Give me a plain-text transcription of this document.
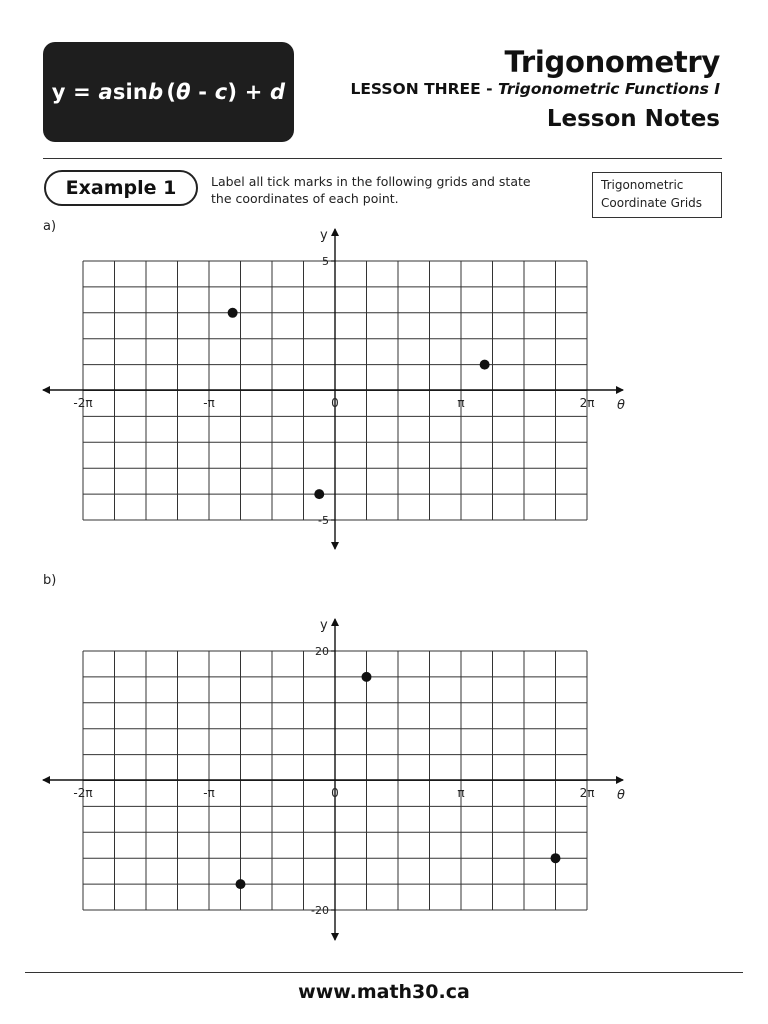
y = a sin b ( θ - c ) + d
Trigonometry
LESSON THREE - Trigonometric Functions I
Lesson Notes
Example 1	Label all tick marks in the following grids and state the coordinates of each point.
Trigonometric Coordinate Grids
a)
b)
θ
y
-2π	-π	0	π	2π
5
-5
θ
y
-2π	-π	0	π	2π
20
-20
www.math30.ca
